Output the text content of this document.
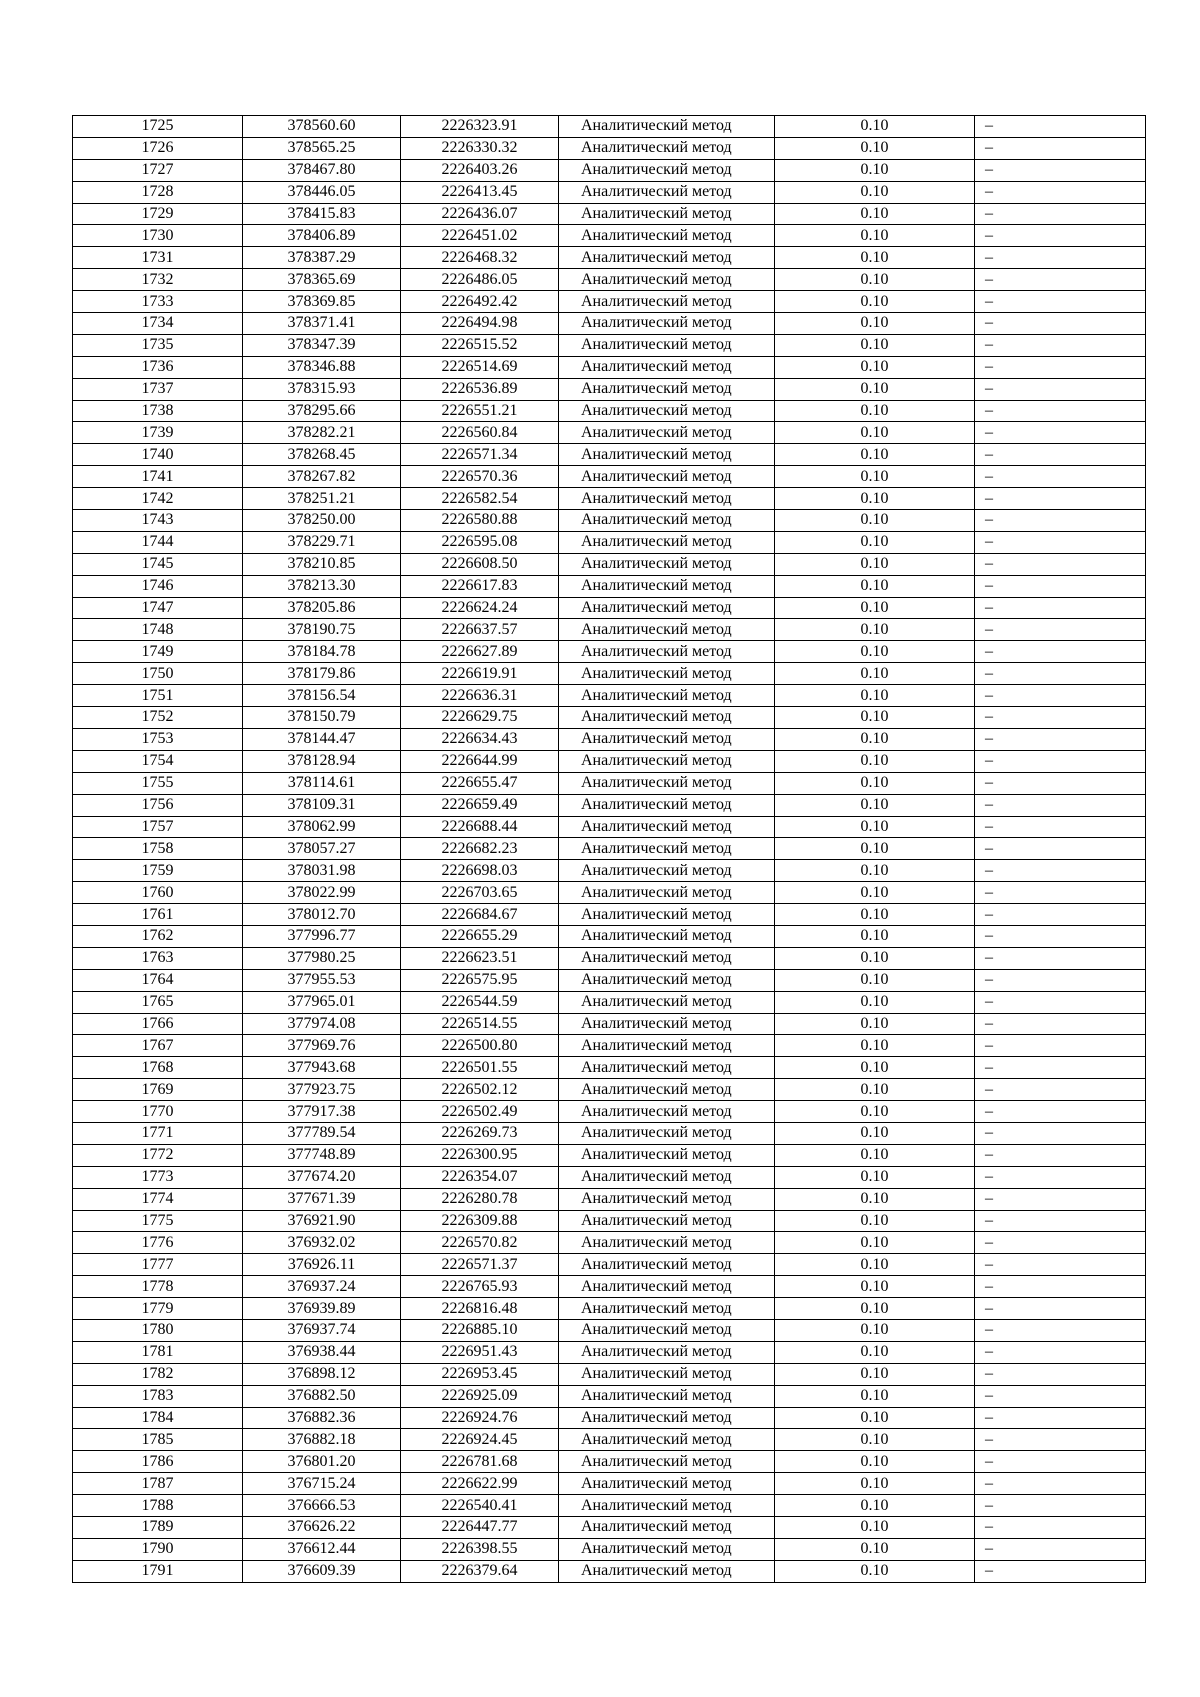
1725	378560.60	2226323.91	Аналитический метод	0.10	–
1726	378565.25	2226330.32	Аналитический метод	0.10	–
1727	378467.80	2226403.26	Аналитический метод	0.10	–
1728	378446.05	2226413.45	Аналитический метод	0.10	–
1729	378415.83	2226436.07	Аналитический метод	0.10	–
1730	378406.89	2226451.02	Аналитический метод	0.10	–
1731	378387.29	2226468.32	Аналитический метод	0.10	–
1732	378365.69	2226486.05	Аналитический метод	0.10	–
1733	378369.85	2226492.42	Аналитический метод	0.10	–
1734	378371.41	2226494.98	Аналитический метод	0.10	–
1735	378347.39	2226515.52	Аналитический метод	0.10	–
1736	378346.88	2226514.69	Аналитический метод	0.10	–
1737	378315.93	2226536.89	Аналитический метод	0.10	–
1738	378295.66	2226551.21	Аналитический метод	0.10	–
1739	378282.21	2226560.84	Аналитический метод	0.10	–
1740	378268.45	2226571.34	Аналитический метод	0.10	–
1741	378267.82	2226570.36	Аналитический метод	0.10	–
1742	378251.21	2226582.54	Аналитический метод	0.10	–
1743	378250.00	2226580.88	Аналитический метод	0.10	–
1744	378229.71	2226595.08	Аналитический метод	0.10	–
1745	378210.85	2226608.50	Аналитический метод	0.10	–
1746	378213.30	2226617.83	Аналитический метод	0.10	–
1747	378205.86	2226624.24	Аналитический метод	0.10	–
1748	378190.75	2226637.57	Аналитический метод	0.10	–
1749	378184.78	2226627.89	Аналитический метод	0.10	–
1750	378179.86	2226619.91	Аналитический метод	0.10	–
1751	378156.54	2226636.31	Аналитический метод	0.10	–
1752	378150.79	2226629.75	Аналитический метод	0.10	–
1753	378144.47	2226634.43	Аналитический метод	0.10	–
1754	378128.94	2226644.99	Аналитический метод	0.10	–
1755	378114.61	2226655.47	Аналитический метод	0.10	–
1756	378109.31	2226659.49	Аналитический метод	0.10	–
1757	378062.99	2226688.44	Аналитический метод	0.10	–
1758	378057.27	2226682.23	Аналитический метод	0.10	–
1759	378031.98	2226698.03	Аналитический метод	0.10	–
1760	378022.99	2226703.65	Аналитический метод	0.10	–
1761	378012.70	2226684.67	Аналитический метод	0.10	–
1762	377996.77	2226655.29	Аналитический метод	0.10	–
1763	377980.25	2226623.51	Аналитический метод	0.10	–
1764	377955.53	2226575.95	Аналитический метод	0.10	–
1765	377965.01	2226544.59	Аналитический метод	0.10	–
1766	377974.08	2226514.55	Аналитический метод	0.10	–
1767	377969.76	2226500.80	Аналитический метод	0.10	–
1768	377943.68	2226501.55	Аналитический метод	0.10	–
1769	377923.75	2226502.12	Аналитический метод	0.10	–
1770	377917.38	2226502.49	Аналитический метод	0.10	–
1771	377789.54	2226269.73	Аналитический метод	0.10	–
1772	377748.89	2226300.95	Аналитический метод	0.10	–
1773	377674.20	2226354.07	Аналитический метод	0.10	–
1774	377671.39	2226280.78	Аналитический метод	0.10	–
1775	376921.90	2226309.88	Аналитический метод	0.10	–
1776	376932.02	2226570.82	Аналитический метод	0.10	–
1777	376926.11	2226571.37	Аналитический метод	0.10	–
1778	376937.24	2226765.93	Аналитический метод	0.10	–
1779	376939.89	2226816.48	Аналитический метод	0.10	–
1780	376937.74	2226885.10	Аналитический метод	0.10	–
1781	376938.44	2226951.43	Аналитический метод	0.10	–
1782	376898.12	2226953.45	Аналитический метод	0.10	–
1783	376882.50	2226925.09	Аналитический метод	0.10	–
1784	376882.36	2226924.76	Аналитический метод	0.10	–
1785	376882.18	2226924.45	Аналитический метод	0.10	–
1786	376801.20	2226781.68	Аналитический метод	0.10	–
1787	376715.24	2226622.99	Аналитический метод	0.10	–
1788	376666.53	2226540.41	Аналитический метод	0.10	–
1789	376626.22	2226447.77	Аналитический метод	0.10	–
1790	376612.44	2226398.55	Аналитический метод	0.10	–
1791	376609.39	2226379.64	Аналитический метод	0.10	–
